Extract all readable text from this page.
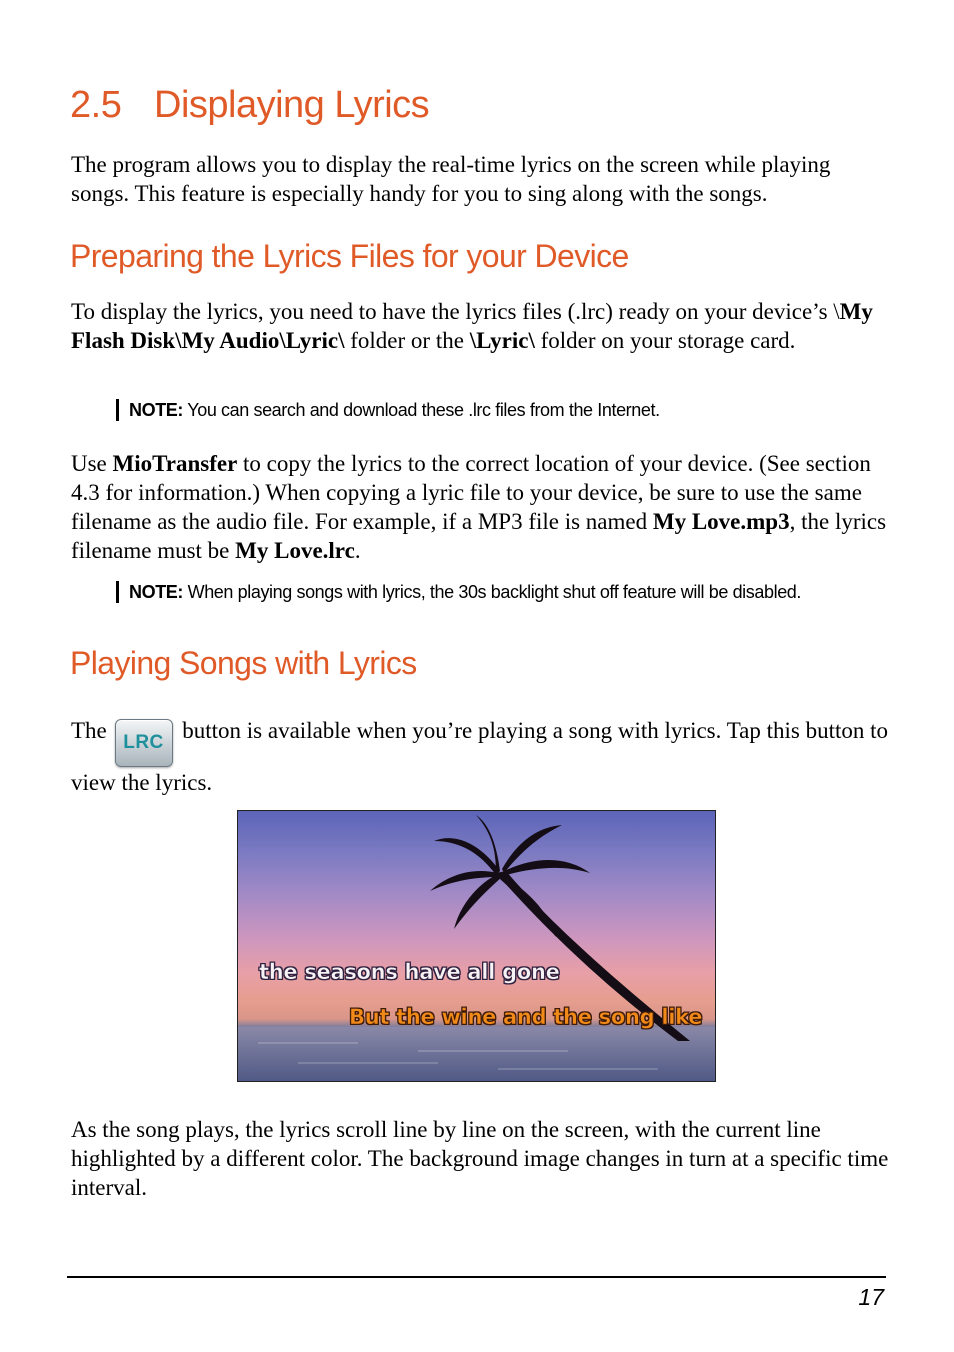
2.5 Displaying Lyrics

The program allows you to display the real-time lyrics on the screen while playing songs. This feature is especially handy for you to sing along with the songs.

Preparing the Lyrics Files for your Device

To display the lyrics, you need to have the lyrics files (.lrc) ready on your device’s \My Flash Disk\My Audio\Lyric\ folder or the \Lyric\ folder on your storage card.

NOTE: You can search and download these .lrc files from the Internet.

Use MioTransfer to copy the lyrics to the correct location of your device. (See section 4.3 for information.) When copying a lyric file to your device, be sure to use the same filename as the audio file. For example, if a MP3 file is named My Love.mp3, the lyrics filename must be My Love.lrc.

NOTE: When playing songs with lyrics, the 30s backlight shut off feature will be disabled.

Playing Songs with Lyrics

The LRC button is available when you’re playing a song with lyrics. Tap this button to view the lyrics.

the seasons have all gone

But the wine and the song like

As the song plays, the lyrics scroll line by line on the screen, with the current line highlighted by a different color. The background image changes in turn at a specific time interval.

17
